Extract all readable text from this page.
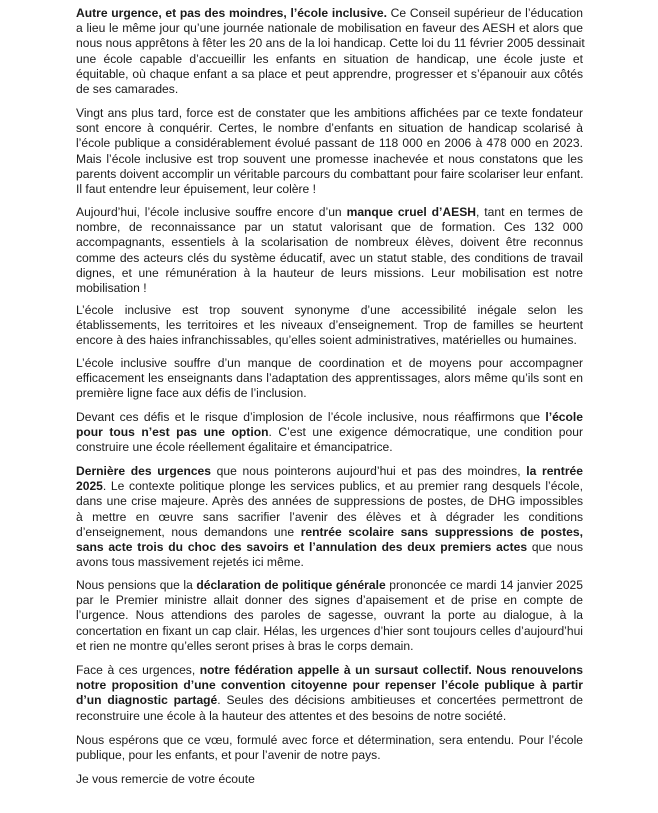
Autre urgence, et pas des moindres, l’école inclusive. Ce Conseil supérieur de l’éducation
a lieu le même jour qu’une journée nationale de mobilisation en faveur des AESH et alors que
nous nous apprêtons à fêter les 20 ans de la loi handicap. Cette loi du 11 février 2005 dessinait
une école capable d’accueillir les enfants en situation de handicap, une école juste et
équitable, où chaque enfant a sa place et peut apprendre, progresser et s’épanouir aux côtés
de ses camarades.

Vingt ans plus tard, force est de constater que les ambitions affichées par ce texte fondateur
sont encore à conquérir. Certes, le nombre d’enfants en situation de handicap scolarisé à
l’école publique a considérablement évolué passant de 118 000 en 2006 à 478 000 en 2023.
Mais l’école inclusive est trop souvent une promesse inachevée et nous constatons que les
parents doivent accomplir un véritable parcours du combattant pour faire scolariser leur enfant.
Il faut entendre leur épuisement, leur colère !

Aujourd’hui, l’école inclusive souffre encore d’un manque cruel d’AESH, tant en termes de
nombre, de reconnaissance par un statut valorisant que de formation. Ces 132 000
accompagnants, essentiels à la scolarisation de nombreux élèves, doivent être reconnus
comme des acteurs clés du système éducatif, avec un statut stable, des conditions de travail
dignes, et une rémunération à la hauteur de leurs missions. Leur mobilisation est notre
mobilisation !

L’école inclusive est trop souvent synonyme d’une accessibilité inégale selon les
établissements, les territoires et les niveaux d’enseignement. Trop de familles se heurtent
encore à des haies infranchissables, qu’elles soient administratives, matérielles ou humaines.

L’école inclusive souffre d’un manque de coordination et de moyens pour accompagner
efficacement les enseignants dans l’adaptation des apprentissages, alors même qu’ils sont en
première ligne face aux défis de l’inclusion.

Devant ces défis et le risque d’implosion de l’école inclusive, nous réaffirmons que l’école
pour tous n’est pas une option. C’est une exigence démocratique, une condition pour
construire une école réellement égalitaire et émancipatrice.

Dernière des urgences que nous pointerons aujourd’hui et pas des moindres, la rentrée
2025. Le contexte politique plonge les services publics, et au premier rang desquels l’école,
dans une crise majeure. Après des années de suppressions de postes, de DHG impossibles
à mettre en œuvre sans sacrifier l’avenir des élèves et à dégrader les conditions
d’enseignement, nous demandons une rentrée scolaire sans suppressions de postes,
sans acte trois du choc des savoirs et l’annulation des deux premiers actes que nous
avons tous massivement rejetés ici même.

Nous pensions que la déclaration de politique générale prononcée ce mardi 14 janvier 2025
par le Premier ministre allait donner des signes d’apaisement et de prise en compte de
l’urgence. Nous attendions des paroles de sagesse, ouvrant la porte au dialogue, à la
concertation en fixant un cap clair. Hélas, les urgences d’hier sont toujours celles d’aujourd’hui
et rien ne montre qu’elles seront prises à bras le corps demain.

Face à ces urgences, notre fédération appelle à un sursaut collectif. Nous renouvelons
notre proposition d’une convention citoyenne pour repenser l’école publique à partir
d’un diagnostic partagé. Seules des décisions ambitieuses et concertées permettront de
reconstruire une école à la hauteur des attentes et des besoins de notre société.

Nous espérons que ce vœu, formulé avec force et détermination, sera entendu. Pour l’école
publique, pour les enfants, et pour l’avenir de notre pays.

Je vous remercie de votre écoute
